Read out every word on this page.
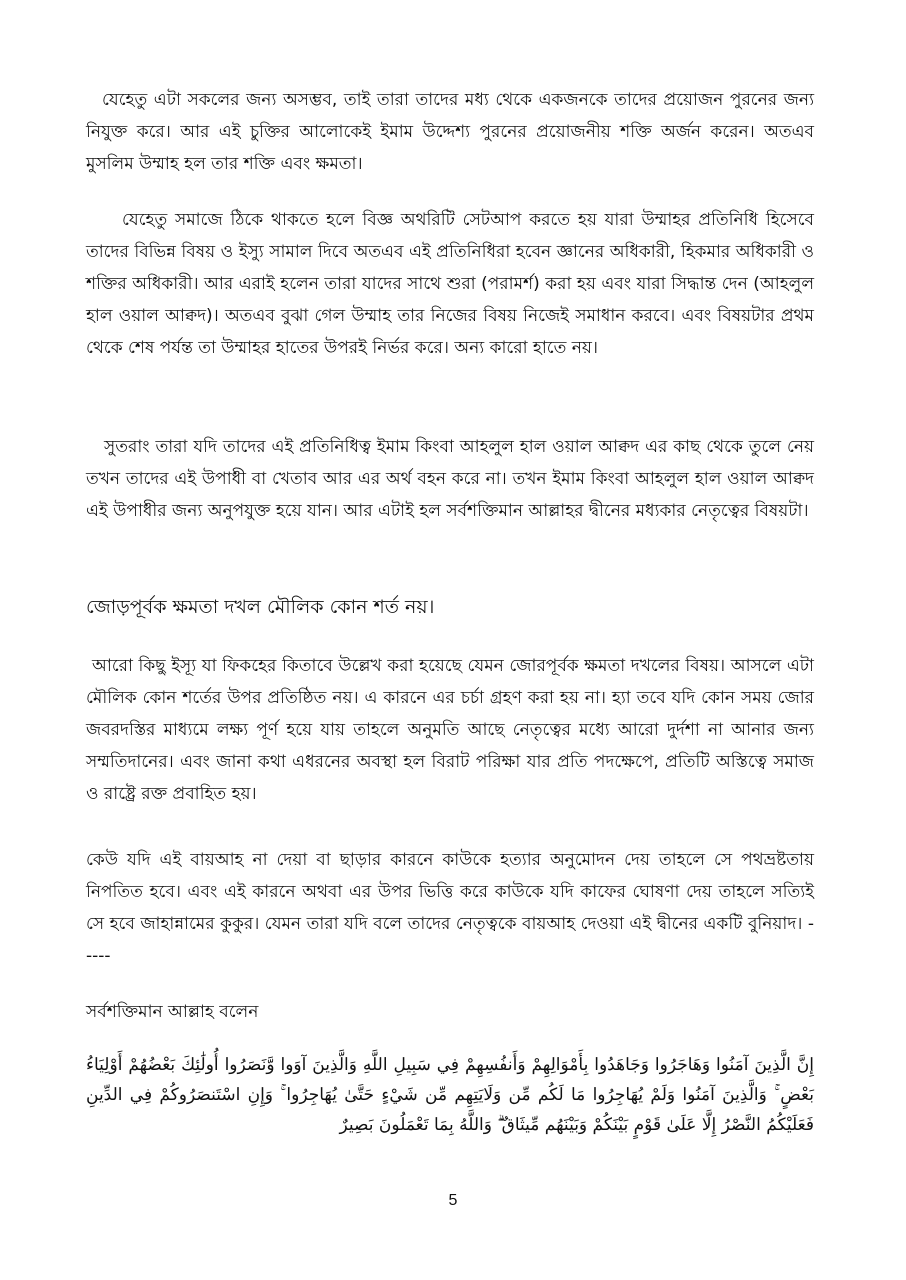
যেহেতু এটা সকলের জন্য অসম্ভব, তাই তারা তাদের মধ্য থেকে একজনকে তাদের প্রয়োজন পুরনের জন্য নিযুক্ত করে। আর এই চুক্তির আলোকেই ইমাম উদ্দেশ্য পুরনের প্রয়োজনীয় শক্তি অর্জন করেন। অতএব মুসলিম উম্মাহ হল তার শক্তি এবং ক্ষমতা।

যেহেতু সমাজে ঠিকে থাকতে হলে বিজ্ঞ অথরিটি সেটআপ করতে হয় যারা উম্মাহর প্রতিনিধি হিসেবে তাদের বিভিন্ন বিষয় ও ইস্যু সামাল দিবে অতএব এই প্রতিনিধিরা হবেন জ্ঞানের অধিকারী, হিকমার অধিকারী ও শক্তির অধিকারী। আর এরাই হলেন তারা যাদের সাথে শুরা (পরামর্শ) করা হয় এবং যারা সিদ্ধান্ত দেন (আহলুল হাল ওয়াল আক্বদ)। অতএব বুঝা গেল উম্মাহ তার নিজের বিষয় নিজেই সমাধান করবে। এবং বিষয়টার প্রথম থেকে শেষ পর্যন্ত তা উম্মাহর হাতের উপরই নির্ভর করে। অন্য কারো হাতে নয়।

সুতরাং তারা যদি তাদের এই প্রতিনিধিত্ব ইমাম কিংবা আহলুল হাল ওয়াল আক্বদ এর কাছ থেকে তুলে নেয় তখন তাদের এই উপাধী বা খেতাব আর এর অর্থ বহন করে না। তখন ইমাম কিংবা আহলুল হাল ওয়াল আক্বদ এই উপাধীর জন্য অনুপযুক্ত হয়ে যান। আর এটাই হল সর্বশক্তিমান আল্লাহর দ্বীনের মধ্যকার নেতৃত্বের বিষয়টা।

জোড়পূর্বক ক্ষমতা দখল মৌলিক কোন শর্ত নয়।

আরো কিছু ইস্যূ যা ফিকহের কিতাবে উল্লেখ করা হয়েছে যেমন জোরপূর্বক ক্ষমতা দখলের বিষয়। আসলে এটা মৌলিক কোন শর্তের উপর প্রতিষ্ঠিত নয়। এ কারনে এর চর্চা গ্রহণ করা হয় না। হ্যা তবে যদি কোন সময় জোর জবরদস্তির মাধ্যমে লক্ষ্য পূর্ণ হয়ে যায় তাহলে অনুমতি আছে নেতৃত্বের মধ্যে আরো দুর্দশা না আনার জন্য সম্মতিদানের। এবং জানা কথা এধরনের অবস্থা হল বিরাট পরিক্ষা যার প্রতি পদক্ষেপে, প্রতিটি অস্তিত্বে সমাজ ও রাষ্ট্রে রক্ত প্রবাহিত হয়।

কেউ যদি এই বায়আহ না দেয়া বা ছাড়ার কারনে কাউকে হত্যার অনুমোদন দেয় তাহলে সে পথভ্রষ্টতায় নিপতিত হবে। এবং এই কারনে অথবা এর উপর ভিত্তি করে কাউকে যদি কাফের ঘোষণা দেয় তাহলে সত্যিই সে হবে জাহান্নামের কুকুর। যেমন তারা যদি বলে তাদের নেতৃত্বকে বায়আহ দেওয়া এই দ্বীনের একটি বুনিয়াদ। -----

সর্বশক্তিমান আল্লাহ বলেন

إِنَّ الَّذِينَ آمَنُوا وَهَاجَرُوا وَجَاهَدُوا بِأَمْوَالِهِمْ وَأَنفُسِهِمْ فِي سَبِيلِ اللَّهِ وَالَّذِينَ آوَوا وَّنَصَرُوا أُولَٰئِكَ بَعْضُهُمْ أَوْلِيَاءُ بَعْضٍ ۚ وَالَّذِينَ آمَنُوا وَلَمْ يُهَاجِرُوا مَا لَكُم مِّن وَلَايَتِهِم مِّن شَيْءٍ حَتَّىٰ يُهَاجِرُوا ۚ وَإِنِ اسْتَنصَرُوكُمْ فِي الدِّينِ فَعَلَيْكُمُ النَّصْرُ إِلَّا عَلَىٰ قَوْمٍ بَيْنَكُمْ وَبَيْنَهُم مِّيثَاقٌ ۗ وَاللَّهُ بِمَا تَعْمَلُونَ بَصِيرٌ

5
